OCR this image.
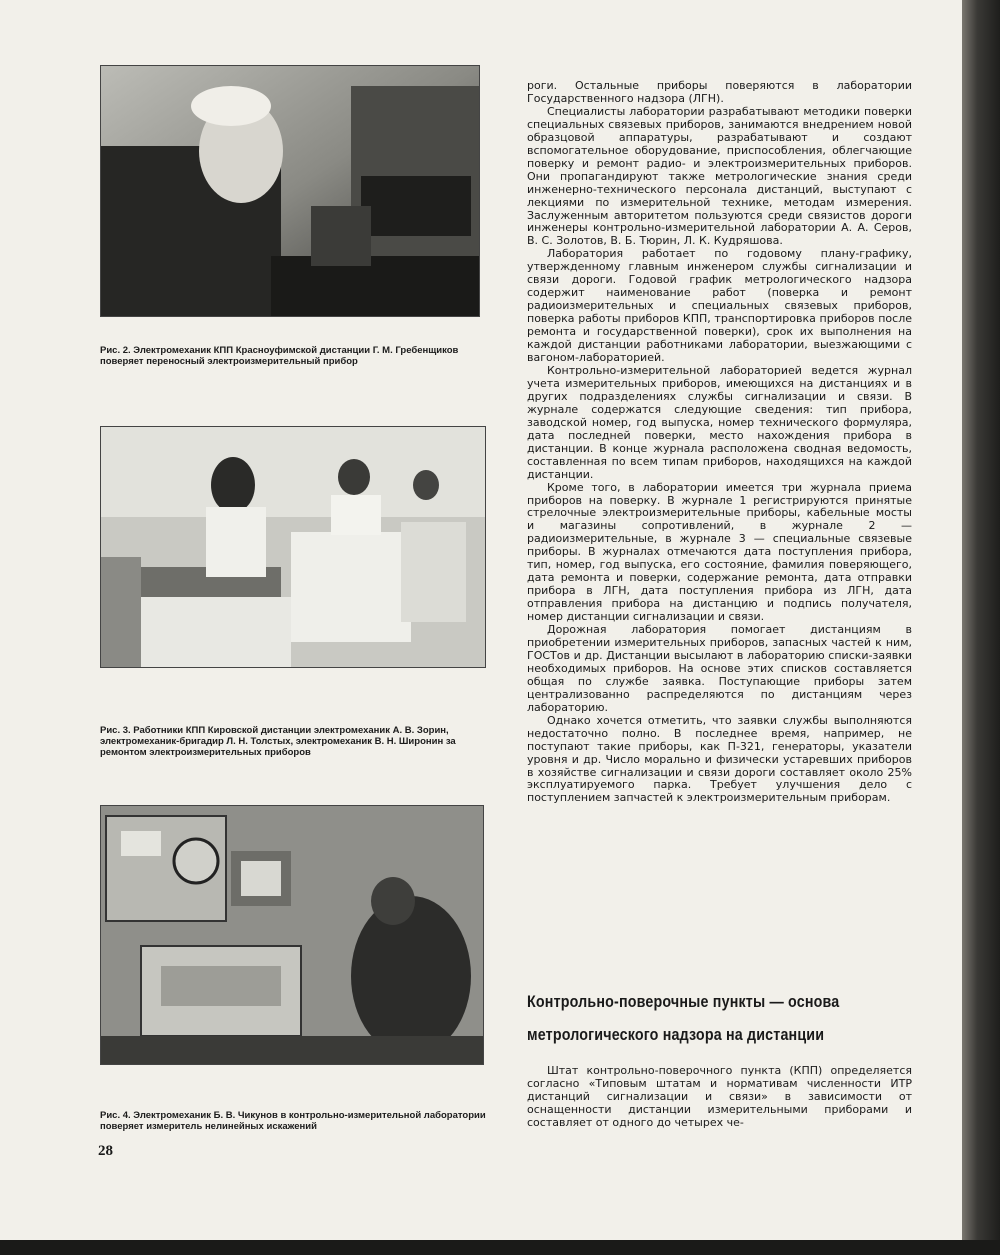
Рис. 2. Электромеханик КПП Красноуфимской дистанции Г. М. Гребенщиков поверяет переносный электроизмерительный прибор

Рис. 3. Работники КПП Кировской дистанции электромеханик А. В. Зорин, электромеханик-бригадир Л. Н. Толстых, электромеханик В. Н. Широнин за ремонтом электроизмерительных приборов

Рис. 4. Электромеханик Б. В. Чикунов в контрольно-измерительной лаборатории поверяет измеритель нелинейных искажений

28

роги. Остальные приборы поверяются в лаборатории Государственного надзора (ЛГН).

Специалисты лаборатории разрабатывают методики поверки специальных связевых приборов, занимаются внедрением новой образцовой аппаратуры, разрабатывают и создают вспомогательное оборудование, приспособления, облегчающие поверку и ремонт радио- и электроизмерительных приборов. Они пропагандируют также метрологические знания среди инженерно-технического персонала дистанций, выступают с лекциями по измерительной технике, методам измерения. Заслуженным авторитетом пользуются среди связистов дороги инженеры контрольно-измерительной лаборатории А. А. Серов, В. С. Золотов, В. Б. Тюрин, Л. К. Кудряшова.

Лаборатория работает по годовому плану-графику, утвержденному главным инженером службы сигнализации и связи дороги. Годовой график метрологического надзора содержит наименование работ (поверка и ремонт радиоизмерительных и специальных связевых приборов, поверка работы приборов КПП, транспортировка приборов после ремонта и государственной поверки), срок их выполнения на каждой дистанции работниками лаборатории, выезжающими с вагоном-лабораторией.

Контрольно-измерительной лабораторией ведется журнал учета измерительных приборов, имеющихся на дистанциях и в других подразделениях службы сигнализации и связи. В журнале содержатся следующие сведения: тип прибора, заводской номер, год выпуска, номер технического формуляра, дата последней поверки, место нахождения прибора в дистанции. В конце журнала расположена сводная ведомость, составленная по всем типам приборов, находящихся на каждой дистанции.

Кроме того, в лаборатории имеется три журнала приема приборов на поверку. В журнале 1 регистрируются принятые стрелочные электроизмерительные приборы, кабельные мосты и магазины сопротивлений, в журнале 2 — радиоизмерительные, в журнале 3 — специальные связевые приборы. В журналах отмечаются дата поступления прибора, тип, номер, год выпуска, его состояние, фамилия поверяющего, дата ремонта и поверки, содержание ремонта, дата отправки прибора в ЛГН, дата поступления прибора из ЛГН, дата отправления прибора на дистанцию и подпись получателя, номер дистанции сигнализации и связи.

Дорожная лаборатория помогает дистанциям в приобретении измерительных приборов, запасных частей к ним, ГОСТов и др. Дистанции высылают в лабораторию списки-заявки необходимых приборов. На основе этих списков составляется общая по службе заявка. Поступающие приборы затем централизованно распределяются по дистанциям через лабораторию.

Однако хочется отметить, что заявки службы выполняются недостаточно полно. В последнее время, например, не поступают такие приборы, как П-321, генераторы, указатели уровня и др. Число морально и физически устаревших приборов в хозяйстве сигнализации и связи дороги составляет около 25% эксплуатируемого парка. Требует улучшения дело с поступлением запчастей к электроизмерительным приборам.

Контрольно-поверочные пункты — основа
метрологического надзора на дистанции

Штат контрольно-поверочного пункта (КПП) определяется согласно «Типовым штатам и нормативам численности ИТР дистанций сигнализации и связи» в зависимости от оснащенности дистанции измерительными приборами и составляет от одного до четырех че-
